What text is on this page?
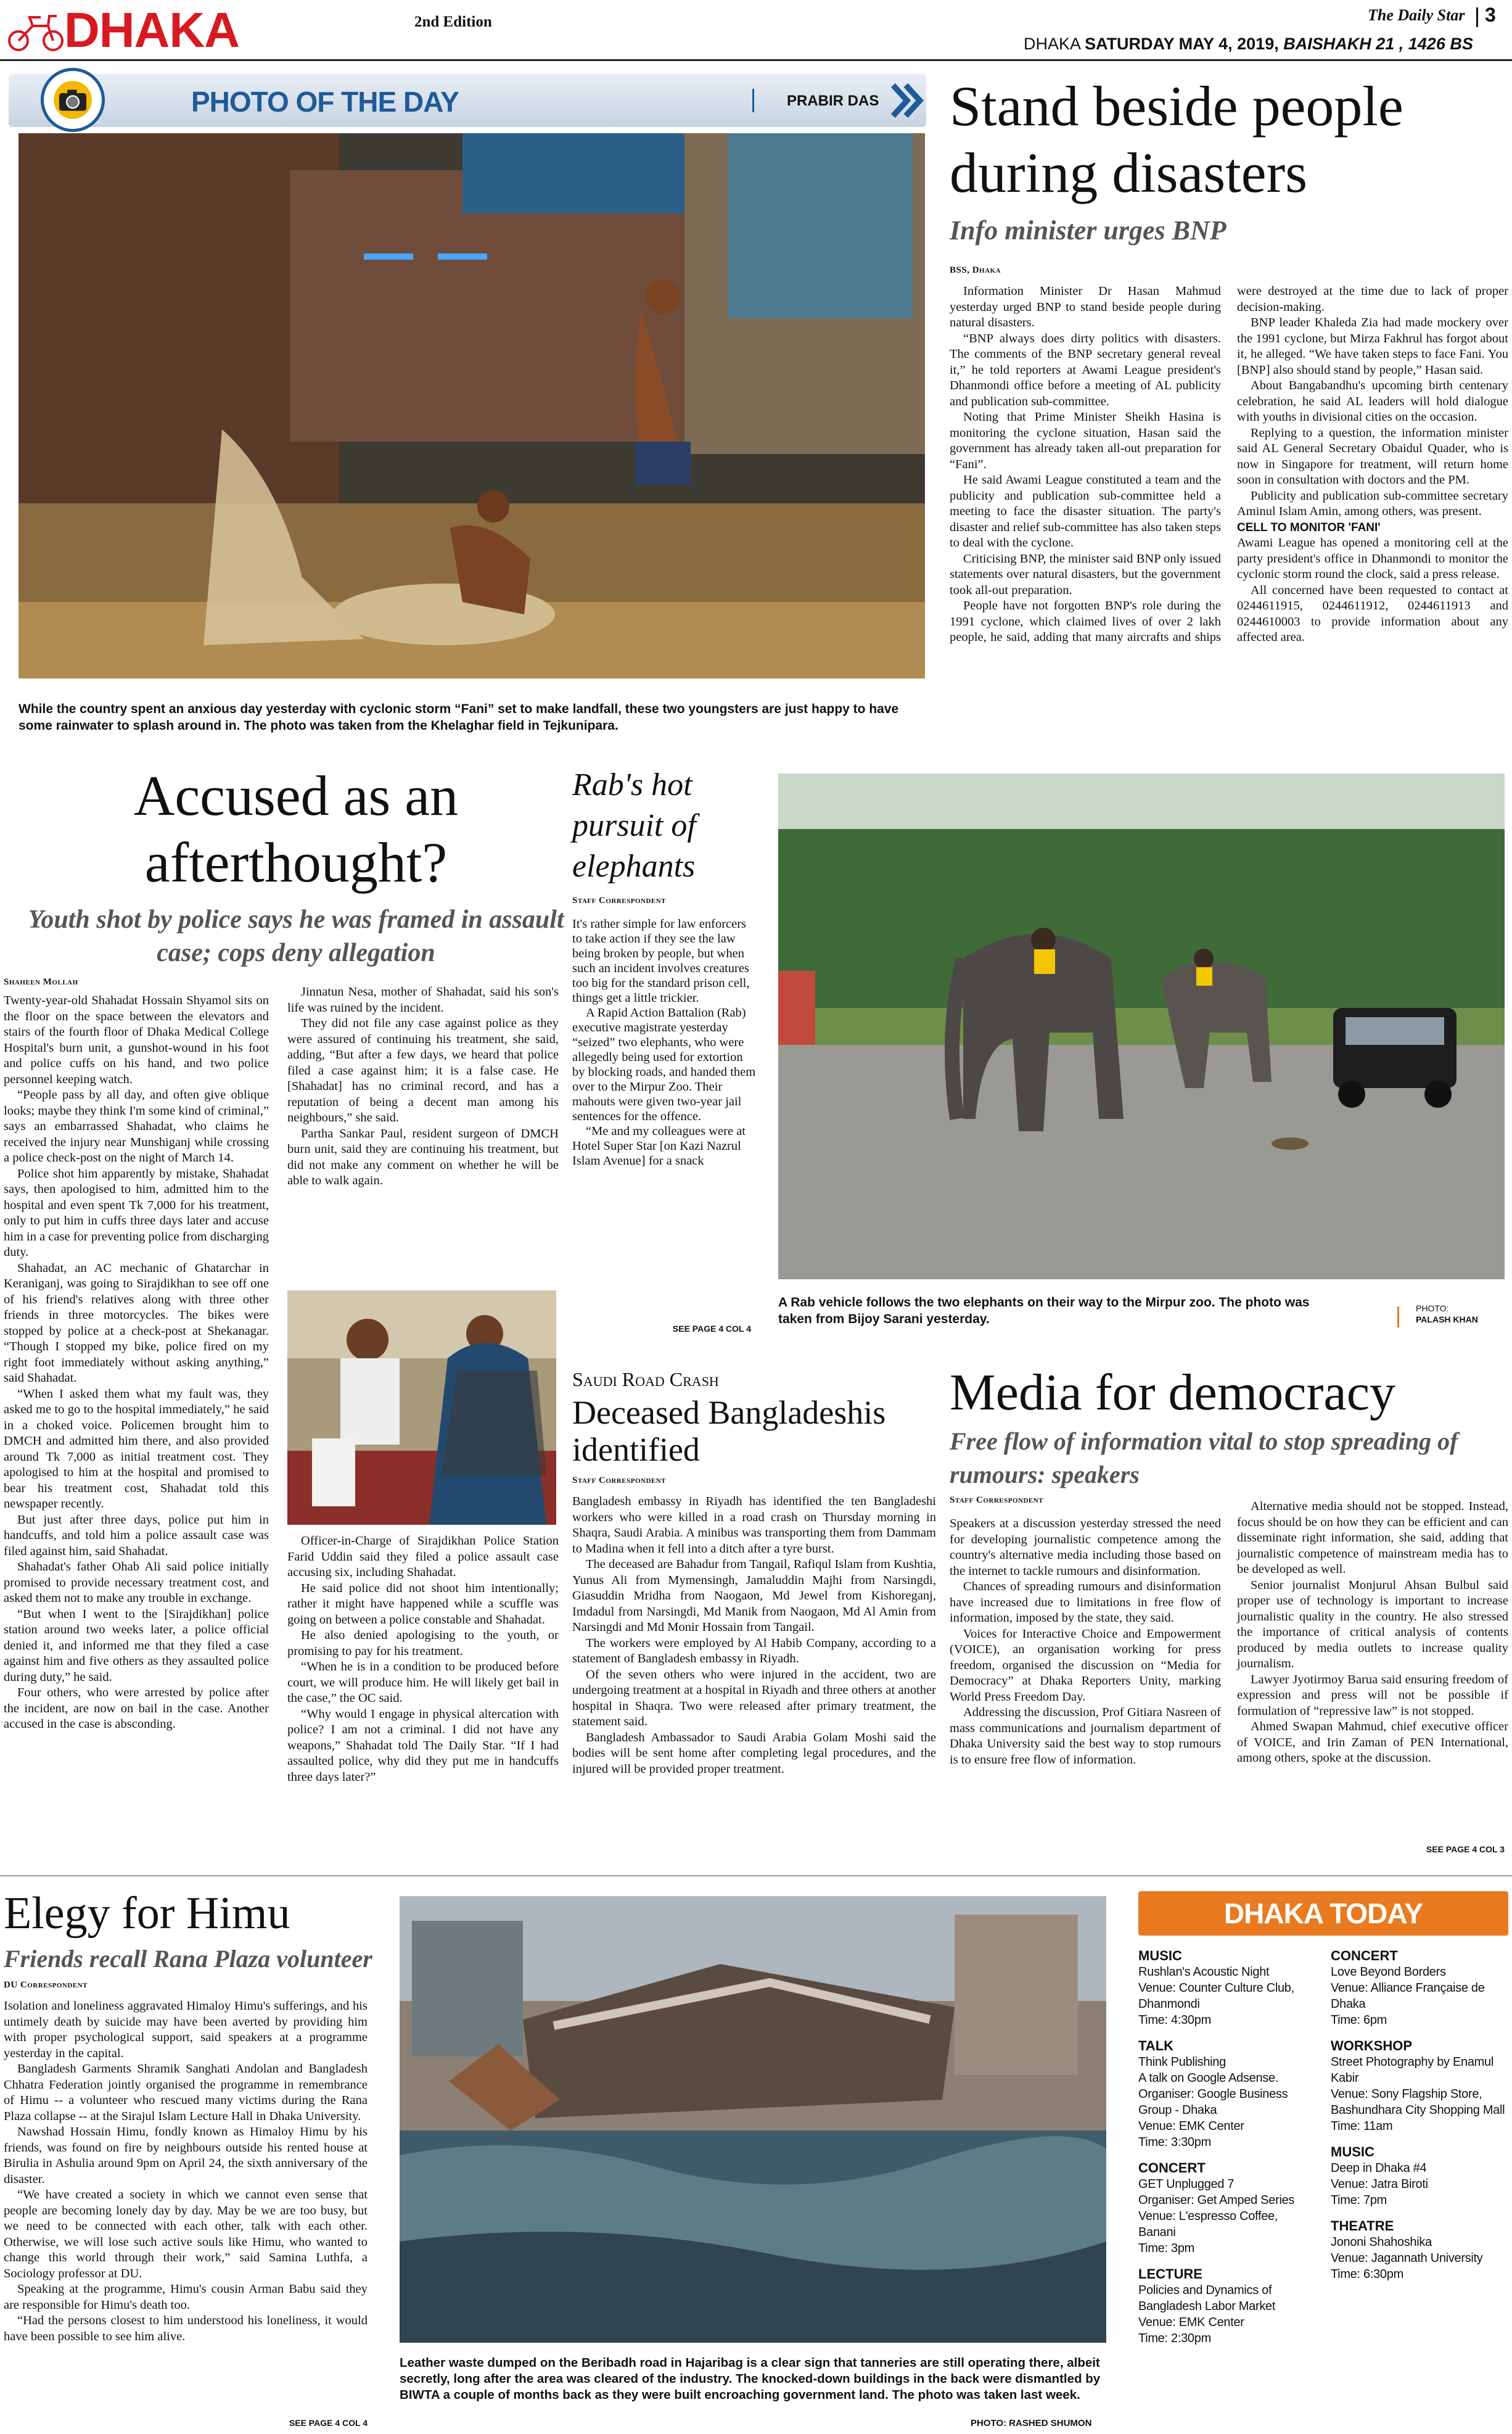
DHAKA	2nd Edition	The Daily Star 3
DHAKA SATURDAY MAY 4, 2019, BAISHAKH 21 , 1426 BS
PHOTO OF THE DAY	PRABIR DAS
While the country spent an anxious day yesterday with cyclonic storm “Fani” set to make landfall, these two youngsters are just happy to have some rainwater to splash around in. The photo was taken from the Khelaghar field in Tejkunipara.
Stand beside people during disasters
Info minister urges BNP
BSS, Dhaka

Information Minister Dr Hasan Mahmud yesterday urged BNP to stand beside people during natural disasters.

“BNP always does dirty politics with disasters. The comments of the BNP secretary general reveal it,” he told reporters at Awami League president's Dhanmondi office before a meeting of AL publicity and publication sub-committee.

Noting that Prime Minister Sheikh Hasina is monitoring the cyclone situation, Hasan said the government has already taken all-out preparation for “Fani”.

He said Awami League constituted a team and the publicity and publication sub-committee held a meeting to face the disaster situation. The party's disaster and relief sub-committee has also taken steps to deal with the cyclone.

Criticising BNP, the minister said BNP only issued statements over natural disasters, but the government took all-out preparation.

People have not forgotten BNP's role during the 1991 cyclone, which claimed lives of over 2 lakh people, he said, adding that many aircrafts and ships were destroyed at the time due to lack of proper decision-making.

BNP leader Khaleda Zia had made mockery over the 1991 cyclone, but Mirza Fakhrul has forgot about it, he alleged. “We have taken steps to face Fani. You [BNP] also should stand by people,” Hasan said.

About Bangabandhu's upcoming birth centenary celebration, he said AL leaders will hold dialogue with youths in divisional cities on the occasion.

Replying to a question, the information minister said AL General Secretary Obaidul Quader, who is now in Singapore for treatment, will return home soon in consultation with doctors and the PM.

Publicity and publication sub-committee secretary Aminul Islam Amin, among others, was present.

CELL TO MONITOR 'FANI'

Awami League has opened a monitoring cell at the party president's office in Dhanmondi to monitor the cyclonic storm round the clock, said a press release.

All concerned have been requested to contact at 0244611915, 0244611912, 0244611913 and 0244610003 to provide information about any affected area.

Accused as an afterthought?
Youth shot by police says he was framed in assault case; cops deny allegation
Shaheen Mollah

Twenty-year-old Shahadat Hossain Shyamol sits on the floor on the space between the elevators and stairs of the fourth floor of Dhaka Medical College Hospital's burn unit, a gunshot-wound in his foot and police cuffs on his hand, and two police personnel keeping watch.

“People pass by all day, and often give oblique looks; maybe they think I'm some kind of criminal,” says an embarrassed Shahadat, who claims he received the injury near Munshiganj while crossing a police check-post on the night of March 14.

Police shot him apparently by mistake, Shahadat says, then apologised to him, admitted him to the hospital and even spent Tk 7,000 for his treatment, only to put him in cuffs three days later and accuse him in a case for preventing police from discharging duty.

Shahadat, an AC mechanic of Ghatarchar in Keraniganj, was going to Sirajdikhan to see off one of his friend's relatives along with three other friends in three motorcycles. The bikes were stopped by police at a check-post at Shekanagar. “Though I stopped my bike, police fired on my right foot immediately without asking anything,” said Shahadat.

“When I asked them what my fault was, they asked me to go to the hospital immediately,” he said in a choked voice. Policemen brought him to DMCH and admitted him there, and also provided around Tk 7,000 as initial treatment cost. They apologised to him at the hospital and promised to bear his treatment cost, Shahadat told this newspaper recently.

But just after three days, police put him in handcuffs, and told him a police assault case was filed against him, said Shahadat.

Shahadat's father Ohab Ali said police initially promised to provide necessary treatment cost, and asked them not to make any trouble in exchange.

“But when I went to the [Sirajdikhan] police station around two weeks later, a police official denied it, and informed me that they filed a case against him and five others as they assaulted police during duty,” he said.

Four others, who were arrested by police after the incident, are now on bail in the case. Another accused in the case is absconding.

Jinnatun Nesa, mother of Shahadat, said his son's life was ruined by the incident.

They did not file any case against police as they were assured of continuing his treatment, she said, adding, “But after a few days, we heard that police filed a case against him; it is a false case. He [Shahadat] has no criminal record, and has a reputation of being a decent man among his neighbours,” she said.

Partha Sankar Paul, resident surgeon of DMCH burn unit, said they are continuing his treatment, but did not make any comment on whether he will be able to walk again.

Officer-in-Charge of Sirajdikhan Police Station Farid Uddin said they filed a police assault case accusing six, including Shahadat.

He said police did not shoot him intentionally; rather it might have happened while a scuffle was going on between a police constable and Shahadat.

He also denied apologising to the youth, or promising to pay for his treatment.

“When he is in a condition to be produced before court, we will produce him. He will likely get bail in the case,” the OC said.

“Why would I engage in physical altercation with police? I am not a criminal. I did not have any weapons,” Shahadat told The Daily Star. “If I had assaulted police, why did they put me in handcuffs three days later?”

Rab's hot pursuit of elephants
Staff Correspondent

It's rather simple for law enforcers to take action if they see the law being broken by people, but when such an incident involves creatures too big for the standard prison cell, things get a little trickier.

A Rapid Action Battalion (Rab) executive magistrate yesterday “seized” two elephants, who were allegedly being used for extortion by blocking roads, and handed them over to the Mirpur Zoo. Their mahouts were given two-year jail sentences for the offence.

“Me and my colleagues were at Hotel Super Star [on Kazi Nazrul Islam Avenue] for a snack

SEE PAGE 4 COL 4
A Rab vehicle follows the two elephants on their way to the Mirpur zoo. The photo was taken from Bijoy Sarani yesterday.
PHOTO:
PALASH KHAN
Saudi Road Crash
Deceased Bangladeshis identified
Staff Correspondent

Bangladesh embassy in Riyadh has identified the ten Bangladeshi workers who were killed in a road crash on Thursday morning in Shaqra, Saudi Arabia. A minibus was transporting them from Dammam to Madina when it fell into a ditch after a tyre burst.

The deceased are Bahadur from Tangail, Rafiqul Islam from Kushtia, Yunus Ali from Mymensingh, Jamaluddin Majhi from Narsingdi, Giasuddin Mridha from Naogaon, Md Jewel from Kishoreganj, Imdadul from Narsingdi, Md Manik from Naogaon, Md Al Amin from Narsingdi and Md Monir Hossain from Tangail.

The workers were employed by Al Habib Company, according to a statement of Bangladesh embassy in Riyadh.

Of the seven others who were injured in the accident, two are undergoing treatment at a hospital in Riyadh and three others at another hospital in Shaqra. Two were released after primary treatment, the statement said.

Bangladesh Ambassador to Saudi Arabia Golam Moshi said the bodies will be sent home after completing legal procedures, and the injured will be provided proper treatment.

Media for democracy
Free flow of information vital to stop spreading of rumours: speakers
Staff Correspondent

Speakers at a discussion yesterday stressed the need for developing journalistic competence among the country's alternative media including those based on the internet to tackle rumours and disinformation.

Chances of spreading rumours and disinformation have increased due to limitations in free flow of information, imposed by the state, they said.

Voices for Interactive Choice and Empowerment (VOICE), an organisation working for press freedom, organised the discussion on “Media for Democracy” at Dhaka Reporters Unity, marking World Press Freedom Day.

Addressing the discussion, Prof Gitiara Nasreen of mass communications and journalism department of Dhaka University said the best way to stop rumours is to ensure free flow of information.

Alternative media should not be stopped. Instead, focus should be on how they can be efficient and can disseminate right information, she said, adding that journalistic competence of mainstream media has to be developed as well.

Senior journalist Monjurul Ahsan Bulbul said proper use of technology is important to increase journalistic quality in the country. He also stressed the importance of critical analysis of contents produced by media outlets to increase quality journalism.

Lawyer Jyotirmoy Barua said ensuring freedom of expression and press will not be possible if formulation of “repressive law” is not stopped.

Ahmed Swapan Mahmud, chief executive officer of VOICE, and Irin Zaman of PEN International, among others, spoke at the discussion.

SEE PAGE 4 COL 3
Elegy for Himu
Friends recall Rana Plaza volunteer
DU Correspondent

Isolation and loneliness aggravated Himaloy Himu's sufferings, and his untimely death by suicide may have been averted by providing him with proper psychological support, said speakers at a programme yesterday in the capital.

Bangladesh Garments Shramik Sanghati Andolan and Bangladesh Chhatra Federation jointly organised the programme in remembrance of Himu -- a volunteer who rescued many victims during the Rana Plaza collapse -- at the Sirajul Islam Lecture Hall in Dhaka University.

Nawshad Hossain Himu, fondly known as Himaloy Himu by his friends, was found on fire by neighbours outside his rented house at Birulia in Ashulia around 9pm on April 24, the sixth anniversary of the disaster.

“We have created a society in which we cannot even sense that people are becoming lonely day by day. May be we are too busy, but we need to be connected with each other, talk with each other. Otherwise, we will lose such active souls like Himu, who wanted to change this world through their work,” said Samina Luthfa, a Sociology professor at DU.

Speaking at the programme, Himu's cousin Arman Babu said they are responsible for Himu's death too.

“Had the persons closest to him understood his loneliness, it would have been possible to see him alive.

SEE PAGE 4 COL 4
Leather waste dumped on the Beribadh road in Hajaribag is a clear sign that tanneries are still operating there, albeit secretly, long after the area was cleared of the industry. The knocked-down buildings in the back were dismantled by BIWTA a couple of months back as they were built encroaching government land. The photo was taken last week.
PHOTO: RASHED SHUMON
DHAKA TODAY
MUSIC
Rushlan's Acoustic Night
Venue: Counter Culture Club, Dhanmondi
Time: 4:30pm
TALK
Think Publishing
A talk on Google Adsense.
Organiser: Google Business Group - Dhaka
Venue: EMK Center
Time: 3:30pm
CONCERT
GET Unplugged 7
Organiser: Get Amped Series
Venue: L'espresso Coffee, Banani
Time: 3pm
LECTURE
Policies and Dynamics of Bangladesh Labor Market
Venue: EMK Center
Time: 2:30pm
CONCERT
Love Beyond Borders
Venue: Alliance Française de Dhaka
Time: 6pm
WORKSHOP
Street Photography by Enamul Kabir
Venue: Sony Flagship Store, Bashundhara City Shopping Mall
Time: 11am
MUSIC
Deep in Dhaka #4
Venue: Jatra Biroti
Time: 7pm
THEATRE
Jononi Shahoshika
Venue: Jagannath University
Time: 6:30pm
